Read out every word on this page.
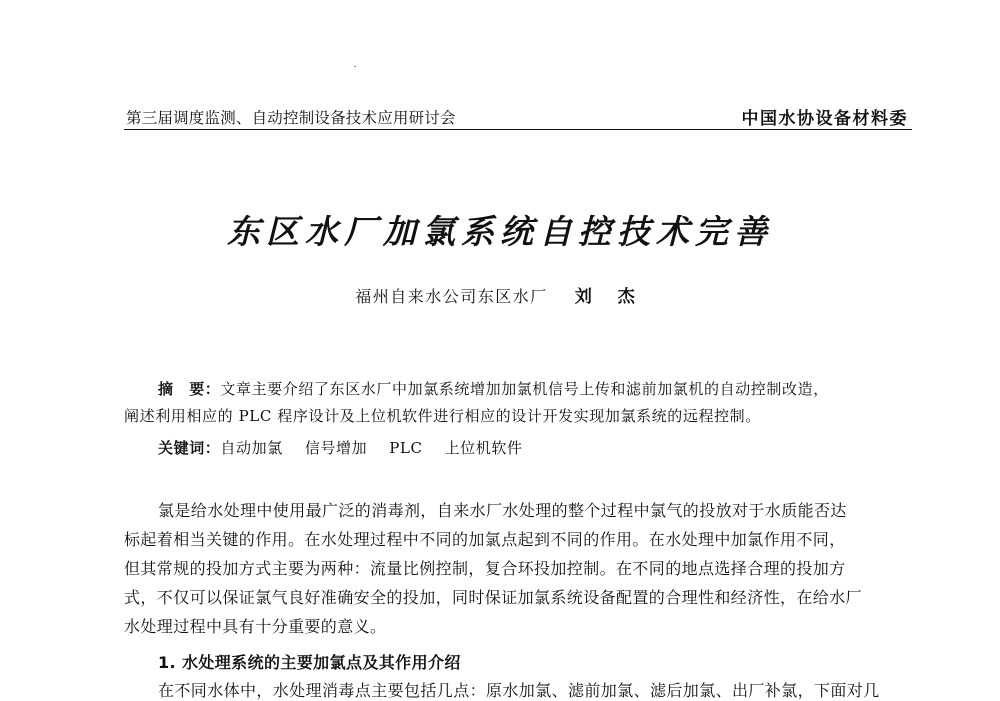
第三届调度监测、自动控制设备技术应用研讨会	中国水协设备材料委
东区水厂加氯系统自控技术完善
福州自来水公司东区水厂 刘 杰
摘　要：文章主要介绍了东区水厂中加氯系统增加加氯机信号上传和滤前加氯机的自动控制改造，
阐述利用相应的 PLC 程序设计及上位机软件进行相应的设计开发实现加氯系统的远程控制。
关键词：自动加氯 信号增加 PLC 上位机软件
氯是给水处理中使用最广泛的消毒剂，自来水厂水处理的整个过程中氯气的投放对于水质能否达
标起着相当关键的作用。在水处理过程中不同的加氯点起到不同的作用。在水处理中加氯作用不同，
但其常规的投加方式主要为两种：流量比例控制，复合环投加控制。在不同的地点选择合理的投加方
式，不仅可以保证氯气良好准确安全的投加，同时保证加氯系统设备配置的合理性和经济性，在给水厂
水处理过程中具有十分重要的意义。
1. 水处理系统的主要加氯点及其作用介绍
在不同水体中，水处理消毒点主要包括几点：原水加氯、滤前加氯、滤后加氯、出厂补氯，下面对几
